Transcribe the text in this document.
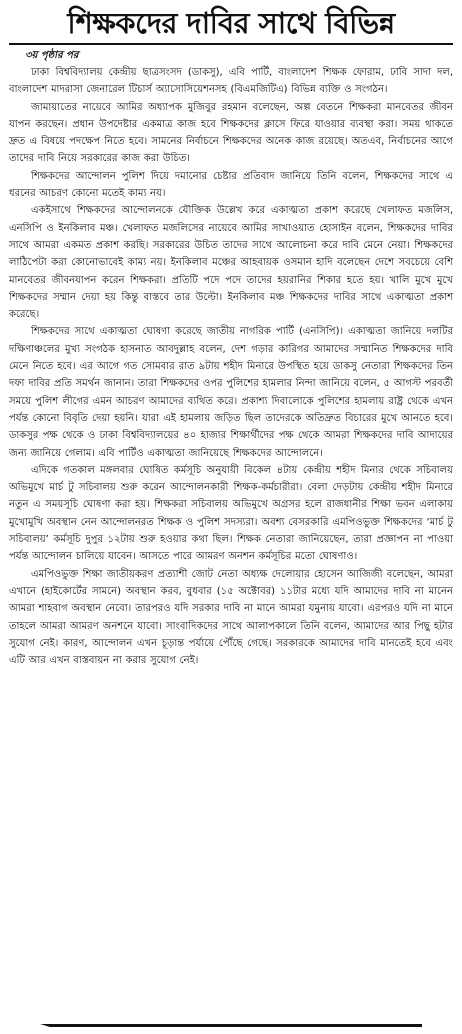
শিক্ষকদের দাবির সাথে বিভিন্ন
৩য় পৃষ্ঠার পর

ঢাকা বিশ্ববিদ্যালয় কেন্দ্রীয় ছাত্রসংসদ (ডাকসু), এবি পার্টি, বাংলাদেশ শিক্ষক ফোরাম, ঢাবি সাদা দল, বাংলাদেশ মাদরাসা জেনারেল টিচার্স অ্যাসোসিয়েশনসহ (বিএমজিটিএ) বিভিন্ন ব্যক্তি ও সংগঠন।

জামায়াতের নায়েবে আমির অধ্যাপক মুজিবুর রহমান বলেছেন, অল্প বেতনে শিক্ষকরা মানবেতর জীবন যাপন করছেন। প্রধান উপদেষ্টার একমাত্র কাজ হবে শিক্ষকদের ক্লাসে ফিরে যাওয়ার ব্যবস্থা করা। সময় থাকতে দ্রুত এ বিষয়ে পদক্ষেপ নিতে হবে। সামনের নির্বাচনে শিক্ষকদের অনেক কাজ রয়েছে। অতএব, নির্বাচনের আগে তাদের দাবি নিয়ে সরকারের কাজ করা উচিত।

শিক্ষকদের আন্দোলন পুলিশ দিয়ে দমানোর চেষ্টার প্রতিবাদ জানিয়ে তিনি বলেন, শিক্ষকদের সাথে এ ধরনের আচরণ কোনো মতেই কাম্য নয়।

একইসাথে শিক্ষকদের আন্দোলনকে যৌক্তিক উল্লেখ করে একাত্মতা প্রকাশ করেছে খেলাফত মজলিস, এনসিপি ও ইনকিলাব মঞ্চ। খেলাফত মজলিসের নায়েবে আমির সাখাওয়াত হোসাইন বলেন, শিক্ষকদের দাবির সাথে আমরা একমত প্রকাশ করছি। সরকারের উচিত তাদের সাথে আলোচনা করে দাবি মেনে নেয়া। শিক্ষকদের লাঠিপেটা করা কোনোভাবেই কাম্য নয়। ইনকিলাব মঞ্চের আহবায়ক ওসমান হাদি বলেছেন দেশে সবচেয়ে বেশি মানবেতর জীবনযাপন করেন শিক্ষকরা। প্রতিটি পদে পদে তাদের হয়রানির শিকার হতে হয়। খালি মুখে মুখে শিক্ষকদের সম্মান দেয়া হয় কিন্তু বাস্তবে তার উল্টো। ইনকিলাব মঞ্চ শিক্ষকদের দাবির সাথে একাত্মতা প্রকাশ করেছে।

শিক্ষকদের সাথে একাত্মতা ঘোষণা করেছে জাতীয় নাগরিক পার্টি (এনসিপি)। একাত্মতা জানিয়ে দলটির দক্ষিণাঞ্চলের মুখ্য সংগঠক হাসনাত আবদুল্লাহ বলেন, দেশ গড়ার কারিগর আমাদের সম্মানিত শিক্ষকদের দাবি মেনে নিতে হবে। এর আগে গত সোমবার রাত ৯টায় শহীদ মিনারে উপস্থিত হয়ে ডাকসু নেতারা শিক্ষকদের তিন দফা দাবির প্রতি সমর্থন জানান। তারা শিক্ষকদের ওপর পুলিশের হামলার নিন্দা জানিয়ে বলেন, ৫ আগস্ট পরবর্তী সময়ে পুলিশ লীগের এমন আচরণ আমাদের ব্যথিত করে। প্রকাশ্য দিবালোকে পুলিশের হামলায় রাষ্ট্র থেকে এখন পর্যন্ত কোনো বিবৃতি দেয়া হয়নি। যারা এই হামলায় জড়িত ছিল তাদেরকে অতিদ্রুত বিচারের মুখে আনতে হবে। ডাকসুর পক্ষ থেকে ও ঢাকা বিশ্ববিদ্যালয়ের ৪০ হাজার শিক্ষার্থীদের পক্ষ থেকে আমরা শিক্ষকদের দাবি আদায়ের জন্য জানিয়ে গেলাম। এবি পার্টিও একাত্মতা জানিয়েছে শিক্ষকদের আন্দোলনে।

এদিকে গতকাল মঙ্গলবার ঘোষিত কর্মসূচি অনুযায়ী বিকেল ৪টায় কেন্দ্রীয় শহীদ মিনার থেকে সচিবালয় অভিমুখে মার্চ টু সচিবালয় শুরু করেন আন্দোলনকারী শিক্ষক-কর্মচারীরা। বেলা দেড়টায় কেন্দ্রীয় শহীদ মিনারে নতুন এ সময়সূচি ঘোষণা করা হয়। শিক্ষকরা সচিবালয় অভিমুখে অগ্রসর হলে রাজধানীর শিক্ষা ভবন এলাকায় মুখোমুখি অবস্থান নেন আন্দোলনরত শিক্ষক ও পুলিশ সদস্যরা। অবশ্য বেসরকারি এমপিওভুক্ত শিক্ষকদের ‘মার্চ টু সচিবালয়’ কর্মসূচি দুপুর ১২টায় শুরু হওয়ার কথা ছিল। শিক্ষক নেতারা জানিয়েছেন, তারা প্রজ্ঞাপন না পাওয়া পর্যন্ত আন্দোলন চালিয়ে যাবেন। আসতে পারে আমরণ অনশন কর্মসূচির মতো ঘোষণাও।

এমপিওভুক্ত শিক্ষা জাতীয়করণ প্রত্যাশী জোট নেতা অধ্যক্ষ দেলোয়ার হোসেন আজিজী বলেছেন, আমরা এখানে (হাইকোর্টের সামনে) অবস্থান করব, বুধবার (১৫ অক্টোবর) ১১টার মধ্যে যদি আমাদের দাবি না মানেন আমরা শাহবাগ অবস্থান নেবো। তারপরও যদি সরকার দাবি না মানে আমরা যমুনায় যাবো। এরপরও যদি না মানে তাহলে আমরা আমরণ অনশনে যাবো। সাংবাদিকদের সাথে আলাপকালে তিনি বলেন, আমাদের আর পিছু হটার সুযোগ নেই। কারণ, আন্দোলন এখন চূড়ান্ত পর্যায়ে পৌঁছে গেছে। সরকারকে আমাদের দাবি মানতেই হবে এবং এটি আর এখন বাস্তবায়ন না করার সুযোগ নেই।
